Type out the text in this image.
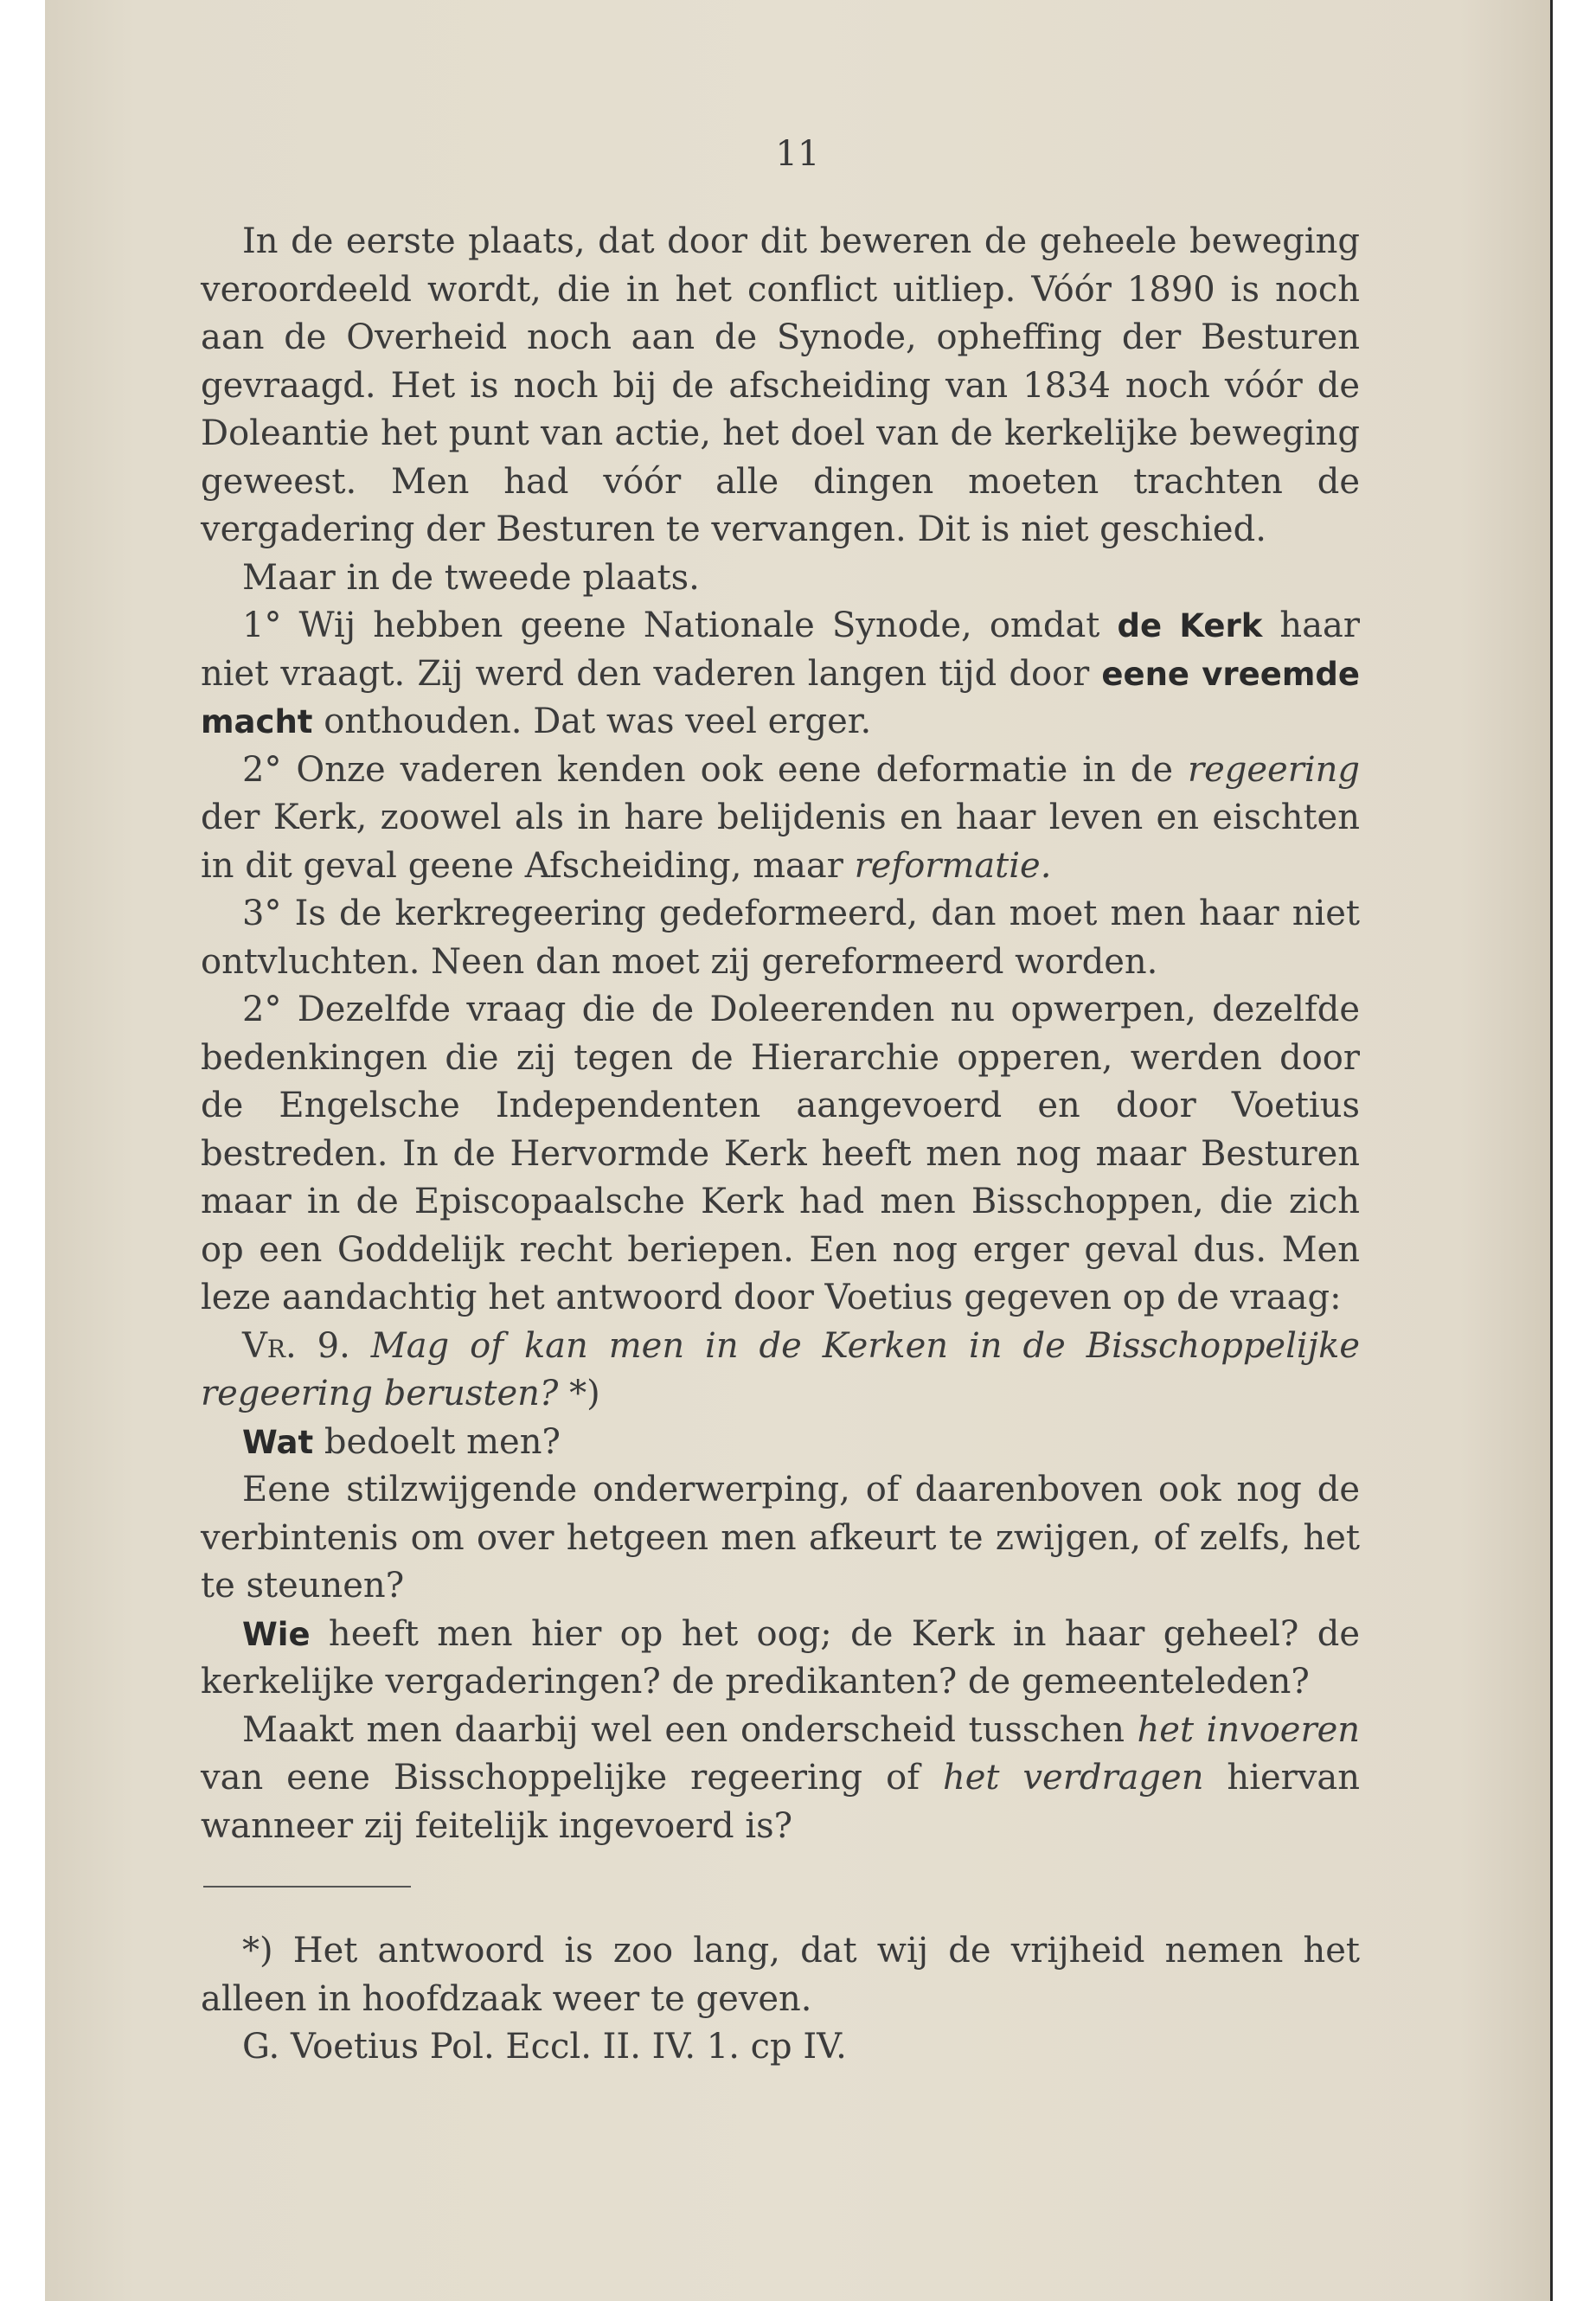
11

In de eerste plaats, dat door dit beweren de geheele beweging veroordeeld wordt, die in het conflict uitliep. Vóór 1890 is noch aan de Overheid noch aan de Synode, opheffing der Besturen gevraagd. Het is noch bij de afscheiding van 1834 noch vóór de Doleantie het punt van actie, het doel van de kerkelijke beweging geweest. Men had vóór alle dingen moeten trachten de vergadering der Besturen te vervangen. Dit is niet geschied.

Maar in de tweede plaats.

1° Wij hebben geene Nationale Synode, omdat de Kerk haar niet vraagt. Zij werd den vaderen langen tijd door eene vreemde macht onthouden. Dat was veel erger.

2° Onze vaderen kenden ook eene deformatie in de regeering der Kerk, zoowel als in hare belijdenis en haar leven en eischten in dit geval geene Afscheiding, maar reformatie.

3° Is de kerkregeering gedeformeerd, dan moet men haar niet ontvluchten. Neen dan moet zij gereformeerd worden.

2° Dezelfde vraag die de Doleerenden nu opwerpen, dezelfde bedenkingen die zij tegen de Hierarchie opperen, werden door de Engelsche Independenten aangevoerd en door Voetius bestreden. In de Hervormde Kerk heeft men nog maar Besturen maar in de Episcopaalsche Kerk had men Bisschoppen, die zich op een Goddelijk recht beriepen. Een nog erger geval dus. Men leze aandachtig het antwoord door Voetius gegeven op de vraag:

Vr. 9. Mag of kan men in de Kerken in de Bisschoppelijke regeering berusten? *)

Wat bedoelt men?

Eene stilzwijgende onderwerping, of daarenboven ook nog de verbintenis om over hetgeen men afkeurt te zwijgen, of zelfs, het te steunen?

Wie heeft men hier op het oog; de Kerk in haar geheel? de kerkelijke vergaderingen? de predikanten? de gemeenteleden?

Maakt men daarbij wel een onderscheid tusschen het invoeren van eene Bisschoppelijke regeering of het verdragen hiervan wanneer zij feitelijk ingevoerd is?

*) Het antwoord is zoo lang, dat wij de vrijheid nemen het alleen in hoofdzaak weer te geven.

G. Voetius Pol. Eccl. II. IV. 1. cp IV.
